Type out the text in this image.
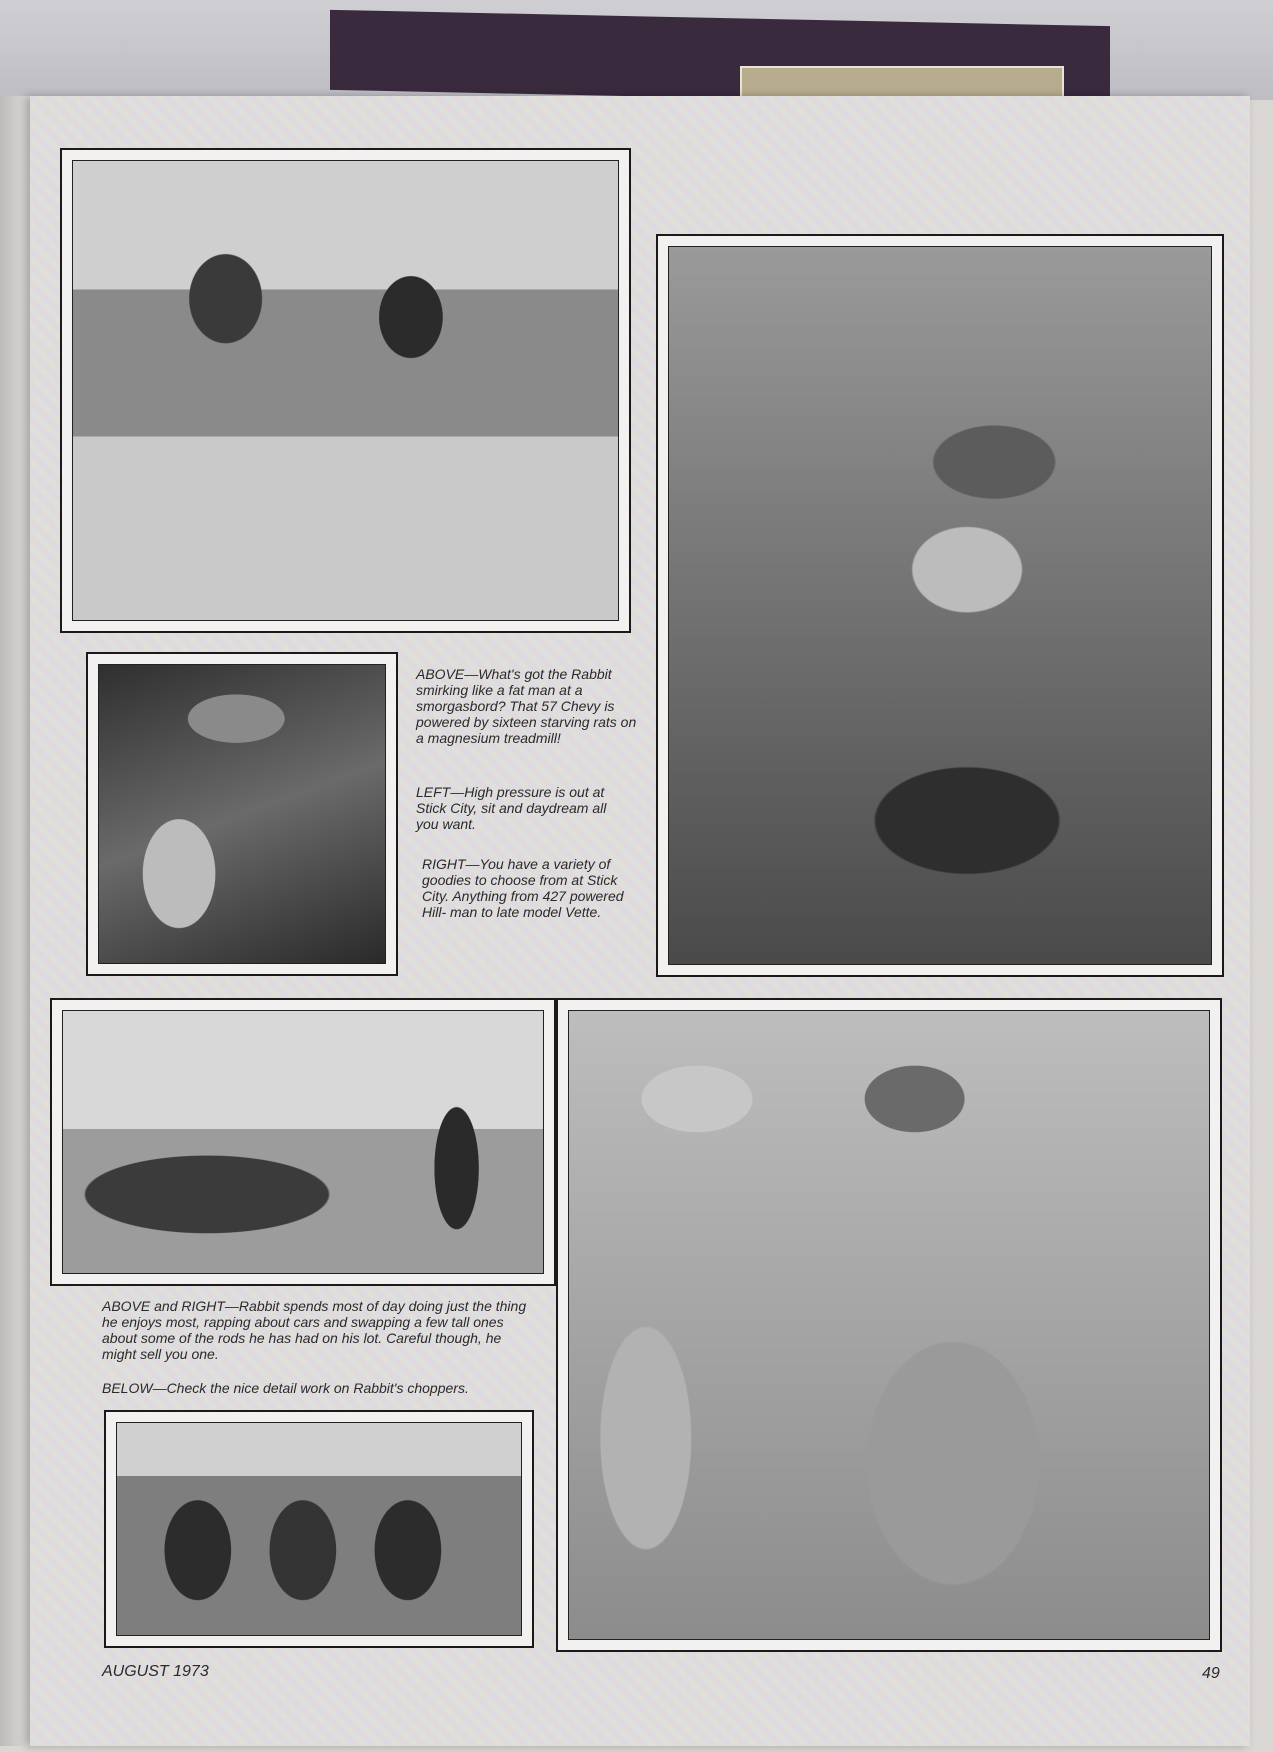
ABOVE—What's got the Rabbit smirking like a fat man at a smorgasbord? That 57 Chevy is powered by sixteen starving rats on a magnesium treadmill!

LEFT—High pressure is out at Stick City, sit and daydream all you want.

RIGHT—You have a variety of goodies to choose from at Stick City. Anything from 427 powered Hill- man to late model Vette.

ABOVE and RIGHT—Rabbit spends most of day doing just the thing he enjoys most, rapping about cars and swapping a few tall ones about some of the rods he has had on his lot. Careful though, he might sell you one.

BELOW—Check the nice detail work on Rabbit's choppers.

AUGUST 1973	49
